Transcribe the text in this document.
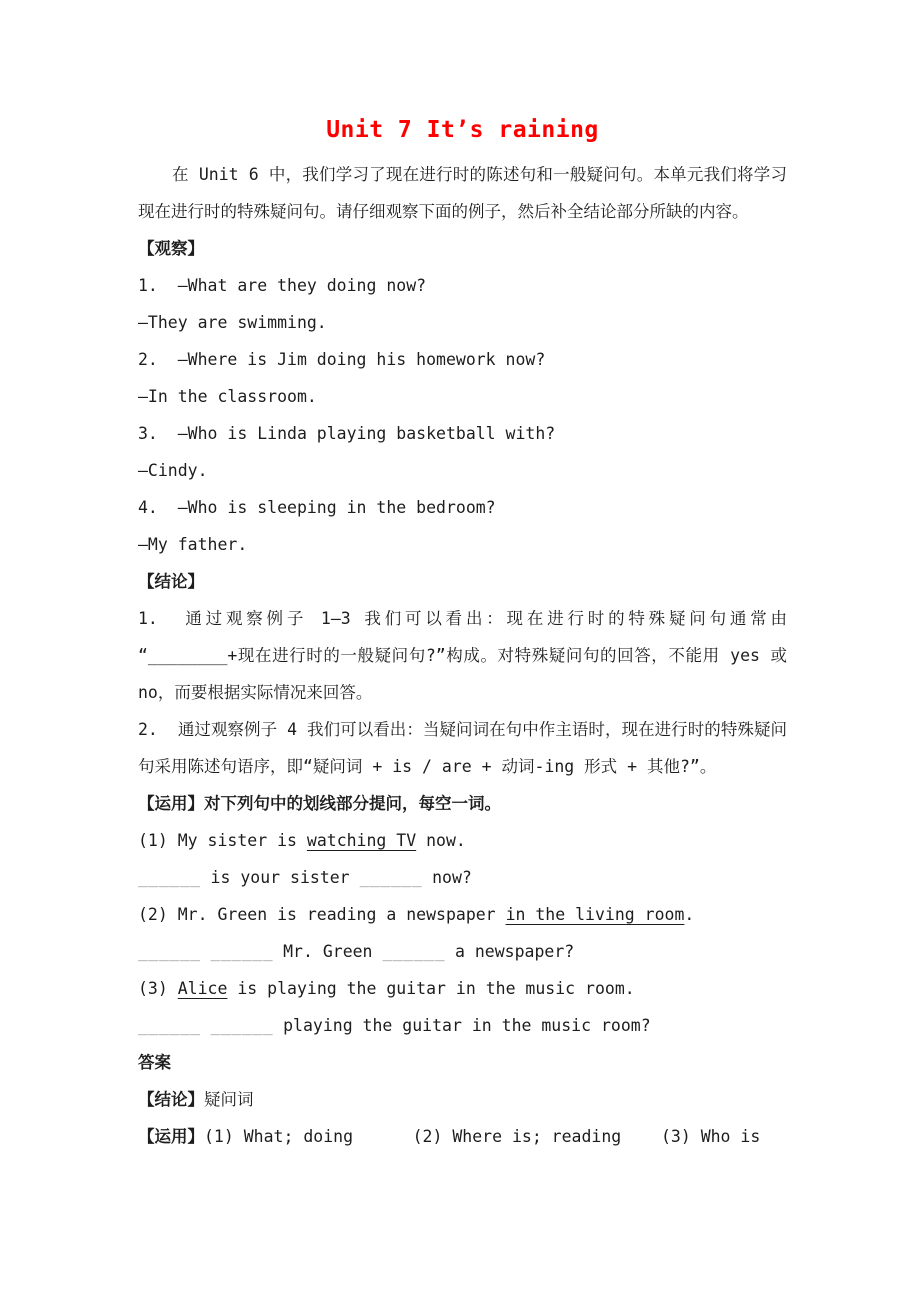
Unit 7 It’s raining

在 Unit 6 中，我们学习了现在进行时的陈述句和一般疑问句。本单元我们将学习现在进行时的特殊疑问句。请仔细观察下面的例子，然后补全结论部分所缺的内容。

【观察】

1.  —What are they doing now?

—They are swimming.

2.  —Where is Jim doing his homework now?

—In the classroom.

3.  —Who is Linda playing basketball with?

—Cindy.

4.  —Who is sleeping in the bedroom?

—My father.

【结论】

1.  通过观察例子 1—3 我们可以看出：现在进行时的特殊疑问句通常由 “________+现在进行时的一般疑问句?”构成。对特殊疑问句的回答，不能用 yes 或 no，而要根据实际情况来回答。

2.  通过观察例子 4 我们可以看出：当疑问词在句中作主语时，现在进行时的特殊疑问句采用陈述句语序，即“疑问词 + is / are + 动词-ing 形式 + 其他?”。

【运用】对下列句中的划线部分提问，每空一词。

(1) My sister is watching TV now.

______ is your sister ______ now?

(2) Mr. Green is reading a newspaper in the living room.

______ ______ Mr. Green ______ a newspaper?

(3) Alice is playing the guitar in the music room.

______ ______ playing the guitar in the music room?

答案

【结论】疑问词

【运用】(1) What; doing      (2) Where is; reading    (3) Who is
